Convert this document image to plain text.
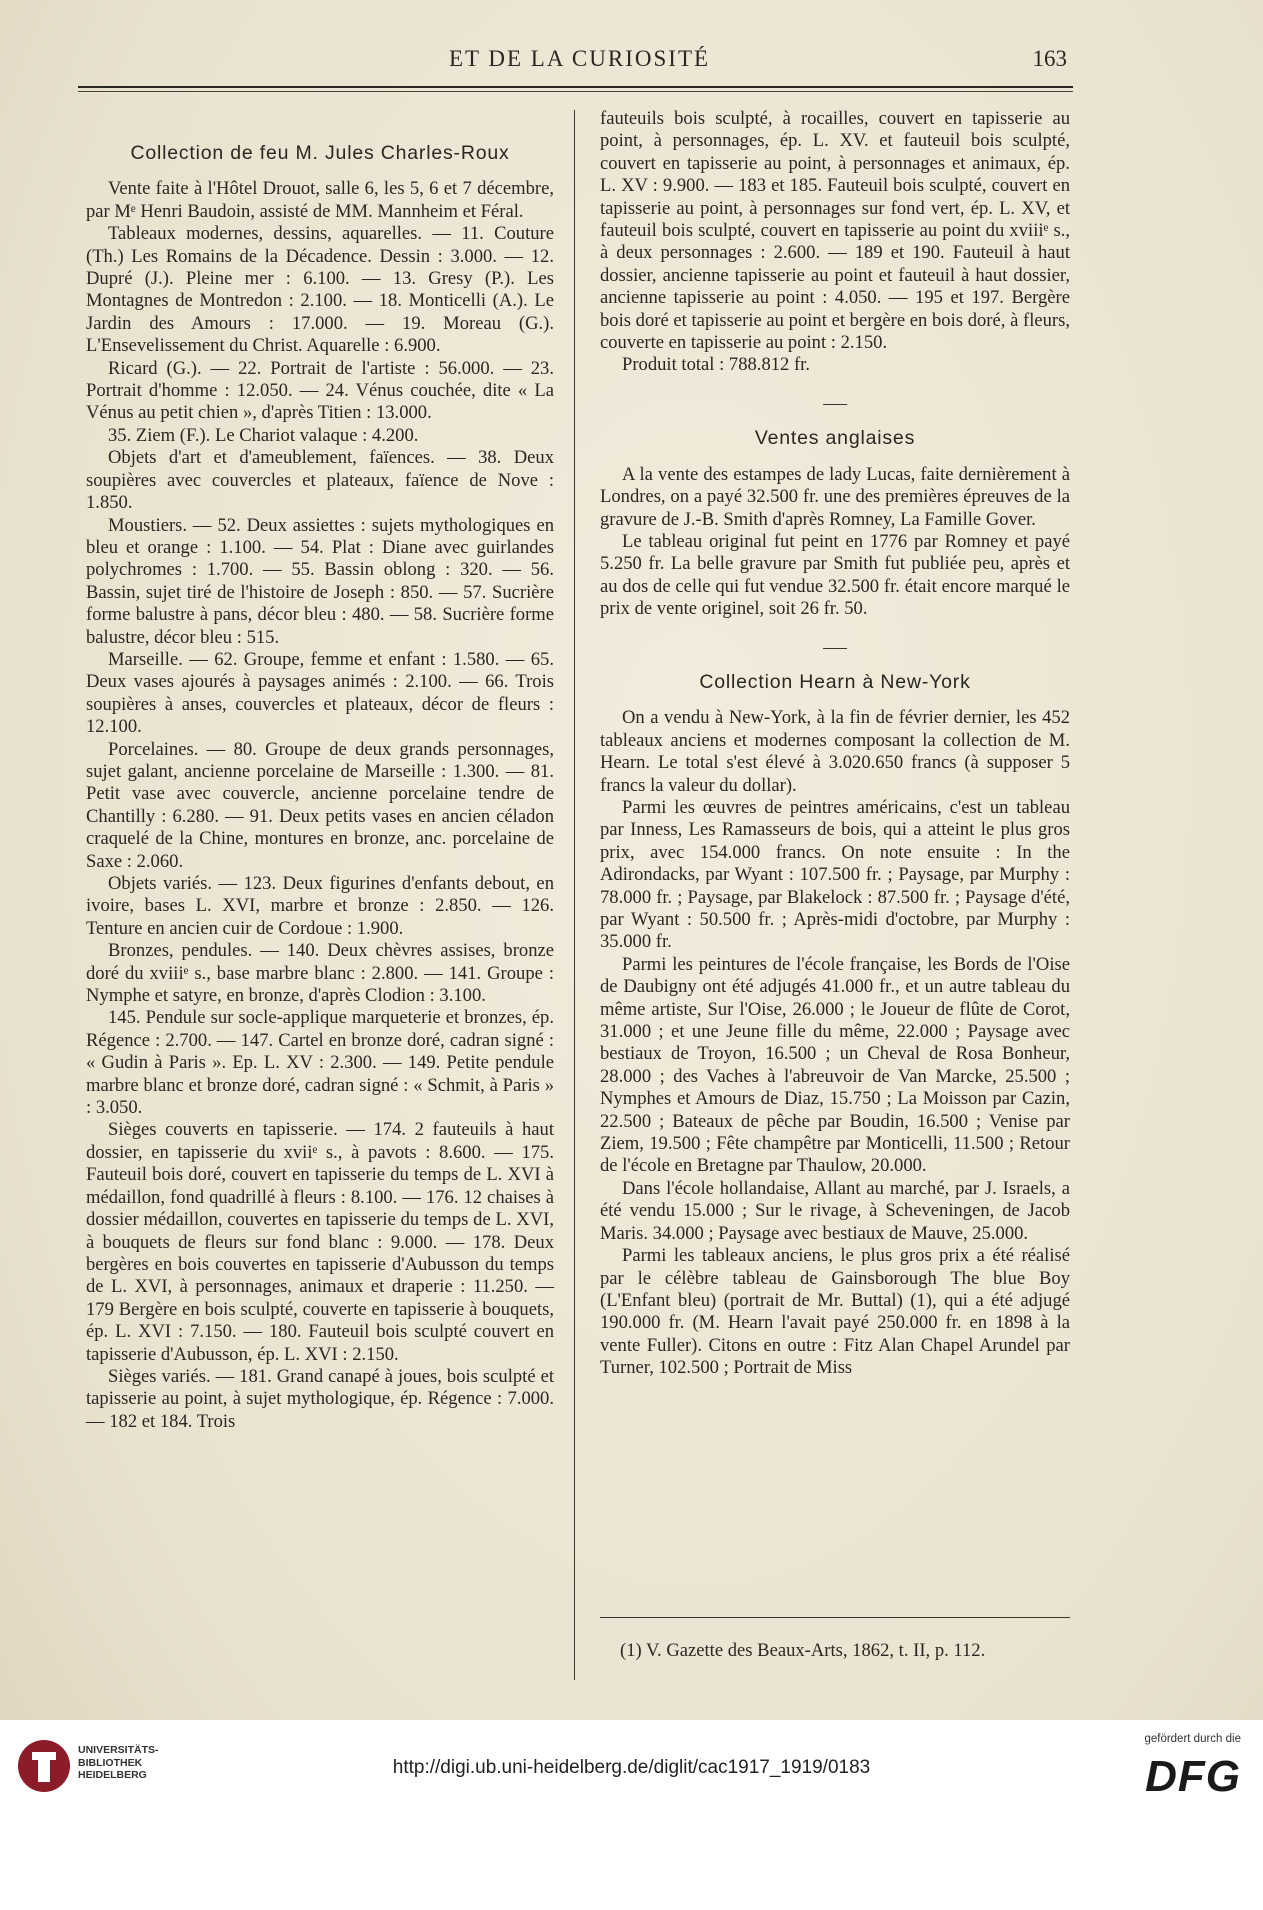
ET DE LA CURIOSITÉ	163
Collection de feu M. Jules Charles-Roux

Vente faite à l'Hôtel Drouot, salle 6, les 5, 6 et 7 décembre, par Mᵉ Henri Baudoin, assisté de MM. Mannheim et Féral.

Tableaux modernes, dessins, aquarelles. — 11. Couture (Th.) Les Romains de la Décadence. Dessin : 3.000. — 12. Dupré (J.). Pleine mer : 6.100. — 13. Gresy (P.). Les Montagnes de Montredon : 2.100. — 18. Monticelli (A.). Le Jardin des Amours : 17.000. — 19. Moreau (G.). L'Ensevelissement du Christ. Aquarelle : 6.900.

Ricard (G.). — 22. Portrait de l'artiste : 56.000. — 23. Portrait d'homme : 12.050. — 24. Vénus couchée, dite « La Vénus au petit chien », d'après Titien : 13.000.

35. Ziem (F.). Le Chariot valaque : 4.200.

Objets d'art et d'ameublement, faïences. — 38. Deux soupières avec couvercles et plateaux, faïence de Nove : 1.850.

Moustiers. — 52. Deux assiettes : sujets mythologiques en bleu et orange : 1.100. — 54. Plat : Diane avec guirlandes polychromes : 1.700. — 55. Bassin oblong : 320. — 56. Bassin, sujet tiré de l'histoire de Joseph : 850. — 57. Sucrière forme balustre à pans, décor bleu : 480. — 58. Sucrière forme balustre, décor bleu : 515.

Marseille. — 62. Groupe, femme et enfant : 1.580. — 65. Deux vases ajourés à paysages animés : 2.100. — 66. Trois soupières à anses, couvercles et plateaux, décor de fleurs : 12.100.

Porcelaines. — 80. Groupe de deux grands personnages, sujet galant, ancienne porcelaine de Marseille : 1.300. — 81. Petit vase avec couvercle, ancienne porcelaine tendre de Chantilly : 6.280. — 91. Deux petits vases en ancien céladon craquelé de la Chine, montures en bronze, anc. porcelaine de Saxe : 2.060.

Objets variés. — 123. Deux figurines d'enfants debout, en ivoire, bases L. XVI, marbre et bronze : 2.850. — 126. Tenture en ancien cuir de Cordoue : 1.900.

Bronzes, pendules. — 140. Deux chèvres assises, bronze doré du xviiiᵉ s., base marbre blanc : 2.800. — 141. Groupe : Nymphe et satyre, en bronze, d'après Clodion : 3.100.

145. Pendule sur socle-applique marqueterie et bronzes, ép. Régence : 2.700. — 147. Cartel en bronze doré, cadran signé : « Gudin à Paris ». Ep. L. XV : 2.300. — 149. Petite pendule marbre blanc et bronze doré, cadran signé : « Schmit, à Paris » : 3.050.

Sièges couverts en tapisserie. — 174. 2 fauteuils à haut dossier, en tapisserie du xviiᵉ s., à pavots : 8.600. — 175. Fauteuil bois doré, couvert en tapisserie du temps de L. XVI à médaillon, fond quadrillé à fleurs : 8.100. — 176. 12 chaises à dossier médaillon, couvertes en tapisserie du temps de L. XVI, à bouquets de fleurs sur fond blanc : 9.000. — 178. Deux bergères en bois couvertes en tapisserie d'Aubusson du temps de L. XVI, à personnages, animaux et draperie : 11.250. — 179 Bergère en bois sculpté, couverte en tapisserie à bouquets, ép. L. XVI : 7.150. — 180. Fauteuil bois sculpté couvert en tapisserie d'Aubusson, ép. L. XVI : 2.150.

Sièges variés. — 181. Grand canapé à joues, bois sculpté et tapisserie au point, à sujet mythologique, ép. Régence : 7.000. — 182 et 184. Trois

fauteuils bois sculpté, à rocailles, couvert en tapisserie au point, à personnages, ép. L. XV. et fauteuil bois sculpté, couvert en tapisserie au point, à personnages et animaux, ép. L. XV : 9.900. — 183 et 185. Fauteuil bois sculpté, couvert en tapisserie au point, à personnages sur fond vert, ép. L. XV, et fauteuil bois sculpté, couvert en tapisserie au point du xviiiᵉ s., à deux personnages : 2.600. — 189 et 190. Fauteuil à haut dossier, ancienne tapisserie au point et fauteuil à haut dossier, ancienne tapisserie au point : 4.050. — 195 et 197. Bergère bois doré et tapisserie au point et bergère en bois doré, à fleurs, couverte en tapisserie au point : 2.150.

Produit total : 788.812 fr.

Ventes anglaises

A la vente des estampes de lady Lucas, faite dernièrement à Londres, on a payé 32.500 fr. une des premières épreuves de la gravure de J.-B. Smith d'après Romney, La Famille Gover.

Le tableau original fut peint en 1776 par Romney et payé 5.250 fr. La belle gravure par Smith fut publiée peu, après et au dos de celle qui fut vendue 32.500 fr. était encore marqué le prix de vente originel, soit 26 fr. 50.

Collection Hearn à New-York

On a vendu à New-York, à la fin de février dernier, les 452 tableaux anciens et modernes composant la collection de M. Hearn. Le total s'est élevé à 3.020.650 francs (à supposer 5 francs la valeur du dollar).

Parmi les œuvres de peintres américains, c'est un tableau par Inness, Les Ramasseurs de bois, qui a atteint le plus gros prix, avec 154.000 francs. On note ensuite : In the Adirondacks, par Wyant : 107.500 fr. ; Paysage, par Murphy : 78.000 fr. ; Paysage, par Blakelock : 87.500 fr. ; Paysage d'été, par Wyant : 50.500 fr. ; Après-midi d'octobre, par Murphy : 35.000 fr.

Parmi les peintures de l'école française, les Bords de l'Oise de Daubigny ont été adjugés 41.000 fr., et un autre tableau du même artiste, Sur l'Oise, 26.000 ; le Joueur de flûte de Corot, 31.000 ; et une Jeune fille du même, 22.000 ; Paysage avec bestiaux de Troyon, 16.500 ; un Cheval de Rosa Bonheur, 28.000 ; des Vaches à l'abreuvoir de Van Marcke, 25.500 ; Nymphes et Amours de Diaz, 15.750 ; La Moisson par Cazin, 22.500 ; Bateaux de pêche par Boudin, 16.500 ; Venise par Ziem, 19.500 ; Fête champêtre par Monticelli, 11.500 ; Retour de l'école en Bretagne par Thaulow, 20.000.

Dans l'école hollandaise, Allant au marché, par J. Israels, a été vendu 15.000 ; Sur le rivage, à Scheveningen, de Jacob Maris. 34.000 ; Paysage avec bestiaux de Mauve, 25.000.

Parmi les tableaux anciens, le plus gros prix a été réalisé par le célèbre tableau de Gainsborough The blue Boy (L'Enfant bleu) (portrait de Mr. Buttal) (1), qui a été adjugé 190.000 fr. (M. Hearn l'avait payé 250.000 fr. en 1898 à la vente Fuller). Citons en outre : Fitz Alan Chapel Arundel par Turner, 102.500 ; Portrait de Miss

(1) V. Gazette des Beaux-Arts, 1862, t. II, p. 112.
UNIVERSITÄTS-
BIBLIOTHEK
HEIDELBERG	http://digi.ub.uni-heidelberg.de/diglit/cac1917_1919/0183
gefördert durch die
DFG
